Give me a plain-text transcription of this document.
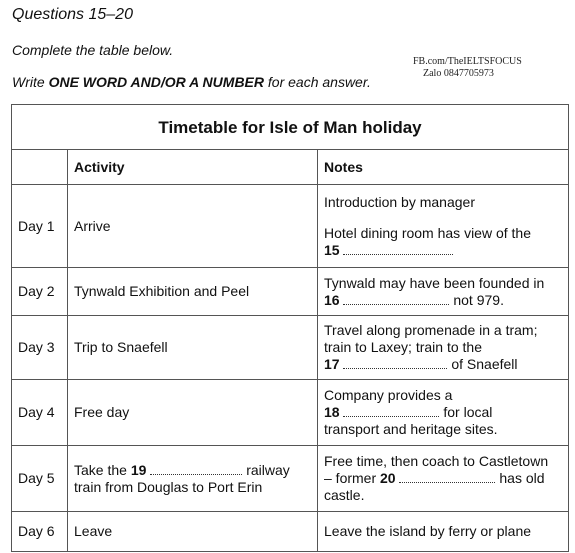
Questions 15–20
Complete the table below.
Write ONE WORD AND/OR A NUMBER for each answer.
FB.com/TheIELTSFOCUS
Zalo 0847705973
Timetable for Isle of Man holiday		
	Activity	Notes
Day 1	Arrive	Introduction by manager
Hotel dining room has view of the
15
Day 2	Tynwald Exhibition and Peel	Tynwald may have been founded in
16 not 979.
Day 3	Trip to Snaefell	Travel along promenade in a tram;
train to Laxey; train to the
17 of Snaefell
Day 4	Free day	Company provides a
18 for local
transport and heritage sites.
Day 5	Take the 19 railway
train from Douglas to Port Erin	Free time, then coach to Castletown
– former 20 has old
castle.
Day 6	Leave	Leave the island by ferry or plane
